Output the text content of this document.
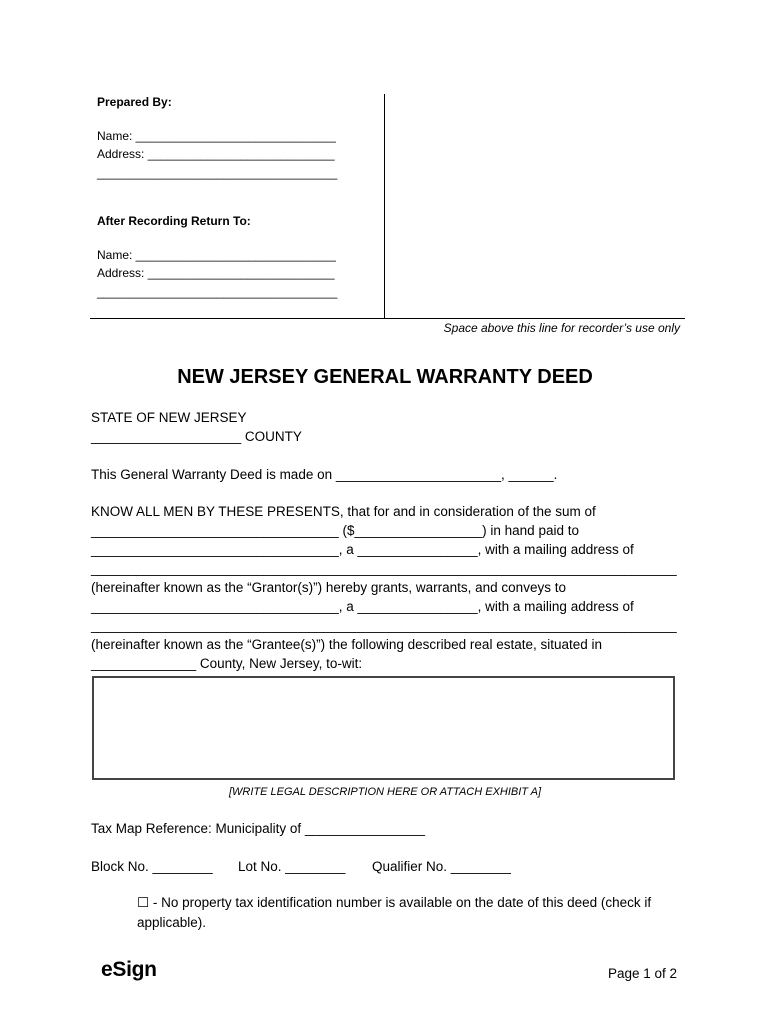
Prepared By:
Name: ______________________________
Address: ____________________________
____________________________________
After Recording Return To:
Name: ______________________________
Address: ____________________________
____________________________________
Space above this line for recorder’s use only
NEW JERSEY GENERAL WARRANTY DEED
STATE OF NEW JERSEY
____________________ COUNTY
This General Warranty Deed is made on ______________________, ______.
KNOW ALL MEN BY THESE PRESENTS, that for and in consideration of the sum of
_________________________________ ($_________________) in hand paid to
_________________________________, a ________________, with a mailing address of
______________________________________________________________________________
(hereinafter known as the “Grantor(s)”) hereby grants, warrants, and conveys to
_________________________________, a ________________, with a mailing address of
______________________________________________________________________________
(hereinafter known as the “Grantee(s)”) the following described real estate, situated in
______________ County, New Jersey, to-wit:
[WRITE LEGAL DESCRIPTION HERE OR ATTACH EXHIBIT A]
Tax Map Reference: Municipality of ________________
Block No. ________ Lot No. ________ Qualifier No. ________
☐ - No property tax identification number is available on the date of this deed (check if
applicable).
eSign	Page 1 of 2
